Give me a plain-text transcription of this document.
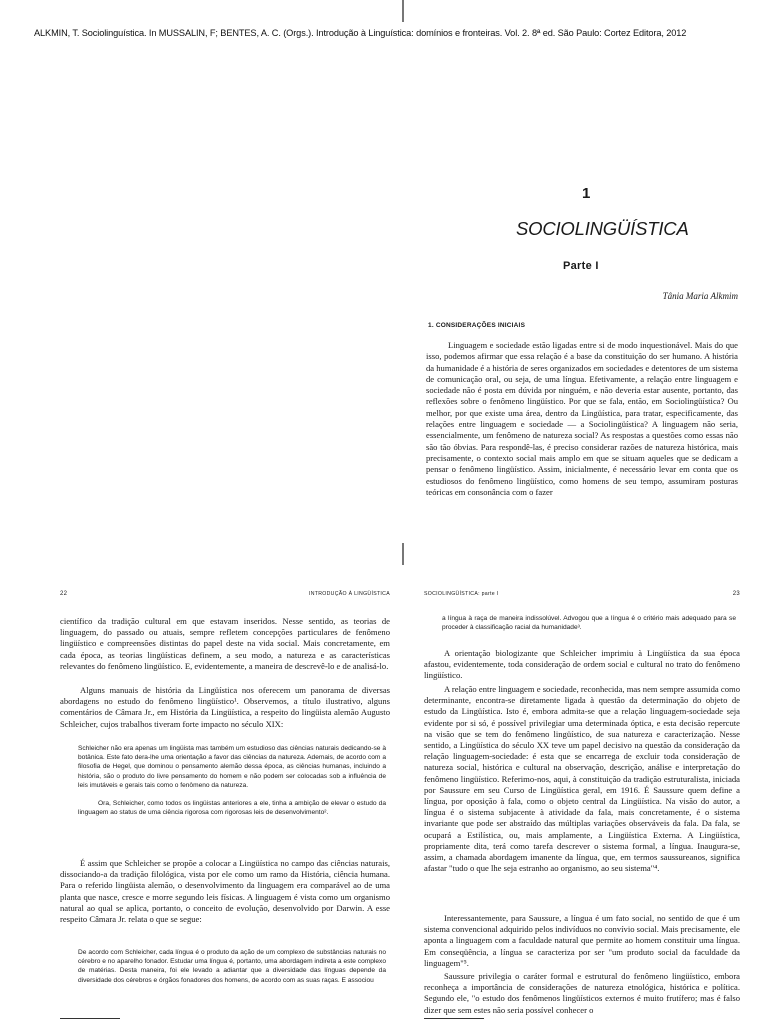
ALKMIN, T. Sociolinguística. In MUSSALIN, F; BENTES, A. C. (Orgs.). Introdução à Linguística: domínios e fronteiras. Vol. 2. 8ª ed. São Paulo: Cortez Editora, 2012
1
SOCIOLINGÜÍSTICA
Parte I
Tânia Maria Alkmim
1. CONSIDERAÇÕES INICIAIS

Linguagem e sociedade estão ligadas entre si de modo inquestionável. Mais do que isso, podemos afirmar que essa relação é a base da constituição do ser humano. A história da humanidade é a história de seres organizados em sociedades e detentores de um sistema de comunicação oral, ou seja, de uma língua. Efetivamente, a relação entre linguagem e sociedade não é posta em dúvida por ninguém, e não deveria estar ausente, portanto, das reflexões sobre o fenômeno lingüístico. Por que se fala, então, em Sociolingüística? Ou melhor, por que existe uma área, dentro da Lingüística, para tratar, especificamente, das relações entre linguagem e sociedade — a Sociolingüística? A linguagem não seria, essencialmente, um fenômeno de natureza social? As respostas a questões como essas não são tão óbvias. Para respondê-las, é preciso considerar razões de natureza histórica, mais precisamente, o contexto social mais amplo em que se situam aqueles que se dedicam a pensar o fenômeno lingüístico. Assim, inicialmente, é necessário levar em conta que os estudiosos do fenômeno lingüístico, como homens de seu tempo, assumiram posturas teóricas em consonância com o fazer

22	INTRODUÇÃO À LINGÜÍSTICA

científico da tradição cultural em que estavam inseridos. Nesse sentido, as teorias de linguagem, do passado ou atuais, sempre refletem concepções particulares de fenômeno lingüístico e compreensões distintas do papel deste na vida social. Mais concretamente, em cada época, as teorias lingüísticas definem, a seu modo, a natureza e as características relevantes do fenômeno lingüístico. E, evidentemente, a maneira de descrevê-lo e de analisá-lo.

Alguns manuais de história da Lingüística nos oferecem um panorama de diversas abordagens no estudo do fenômeno lingüístico¹. Observemos, a título ilustrativo, alguns comentários de Câmara Jr., em História da Lingüística, a respeito do lingüista alemão Augusto Schleicher, cujos trabalhos tiveram forte impacto no século XIX:

Schleicher não era apenas um lingüista mas também um estudioso das ciências naturais dedicando-se à botânica. Este fato dera-lhe uma orientação a favor das ciências da natureza. Ademais, de acordo com a filosofia de Hegel, que dominou o pensamento alemão dessa época, as ciências humanas, incluindo a história, são o produto do livre pensamento do homem e não podem ser colocadas sob a influência de leis imutáveis e gerais tais como o fenômeno da natureza.

Ora, Schleicher, como todos os lingüistas anteriores a ele, tinha a ambição de elevar o estudo da linguagem ao status de uma ciência rigorosa com rigorosas leis de desenvolvimento².

É assim que Schleicher se propõe a colocar a Lingüística no campo das ciências naturais, dissociando-a da tradição filológica, vista por ele como um ramo da História, ciência humana. Para o referido lingüista alemão, o desenvolvimento da linguagem era comparável ao de uma planta que nasce, cresce e morre segundo leis físicas. A linguagem é vista como um organismo natural ao qual se aplica, portanto, o conceito de evolução, desenvolvido por Darwin. A esse respeito Câmara Jr. relata o que se segue:

De acordo com Schleicher, cada língua é o produto da ação de um complexo de substâncias naturais no cérebro e no aparelho fonador. Estudar uma língua é, portanto, uma abordagem indireta a este complexo de matérias. Desta maneira, foi ele levado a adiantar que a diversidade das línguas depende da diversidade dos cérebros e órgãos fonadores dos homens, de acordo com as suas raças. E associou

SOCIOLINGÜÍSTICA: parte I	23

a língua à raça de maneira indissolúvel. Advogou que a língua é o critério mais adequado para se proceder à classificação racial da humanidade³.

A orientação biologizante que Schleicher imprimiu à Lingüística da sua época afastou, evidentemente, toda consideração de ordem social e cultural no trato do fenômeno lingüístico.

A relação entre linguagem e sociedade, reconhecida, mas nem sempre assumida como determinante, encontra-se diretamente ligada à questão da determinação do objeto de estudo da Lingüística. Isto é, embora admita-se que a relação linguagem-sociedade seja evidente por si só, é possível privilegiar uma determinada óptica, e esta decisão repercute na visão que se tem do fenômeno lingüístico, de sua natureza e caracterização. Nesse sentido, a Lingüística do século XX teve um papel decisivo na questão da consideração da relação linguagem-sociedade: é esta que se encarrega de excluir toda consideração de natureza social, histórica e cultural na observação, descrição, análise e interpretação do fenômeno lingüístico. Referimo-nos, aqui, à constituição da tradição estruturalista, iniciada por Saussure em seu Curso de Lingüística geral, em 1916. É Saussure quem define a língua, por oposição à fala, como o objeto central da Lingüística. Na visão do autor, a língua é o sistema subjacente à atividade da fala, mais concretamente, é o sistema invariante que pode ser abstraído das múltiplas variações observáveis da fala. Da fala, se ocupará a Estilística, ou, mais amplamente, a Lingüística Externa. A Lingüística, propriamente dita, terá como tarefa descrever o sistema formal, a língua. Inaugura-se, assim, a chamada abordagem imanente da língua, que, em termos saussureanos, significa afastar "tudo o que lhe seja estranho ao organismo, ao seu sistema"⁴.

Interessantemente, para Saussure, a língua é um fato social, no sentido de que é um sistema convencional adquirido pelos indivíduos no convívio social. Mais precisamente, ele aponta a linguagem com a faculdade natural que permite ao homem constituir uma língua. Em conseqüência, a língua se caracteriza por ser "um produto social da faculdade da linguagem"⁵.

Saussure privilegia o caráter formal e estrutural do fenômeno lingüístico, embora reconheça a importância de considerações de natureza etnológica, histórica e política. Segundo ele, "o estudo dos fenômenos lingüísticos externos é muito frutífero; mas é falso dizer que sem estes não seria possível conhecer o
